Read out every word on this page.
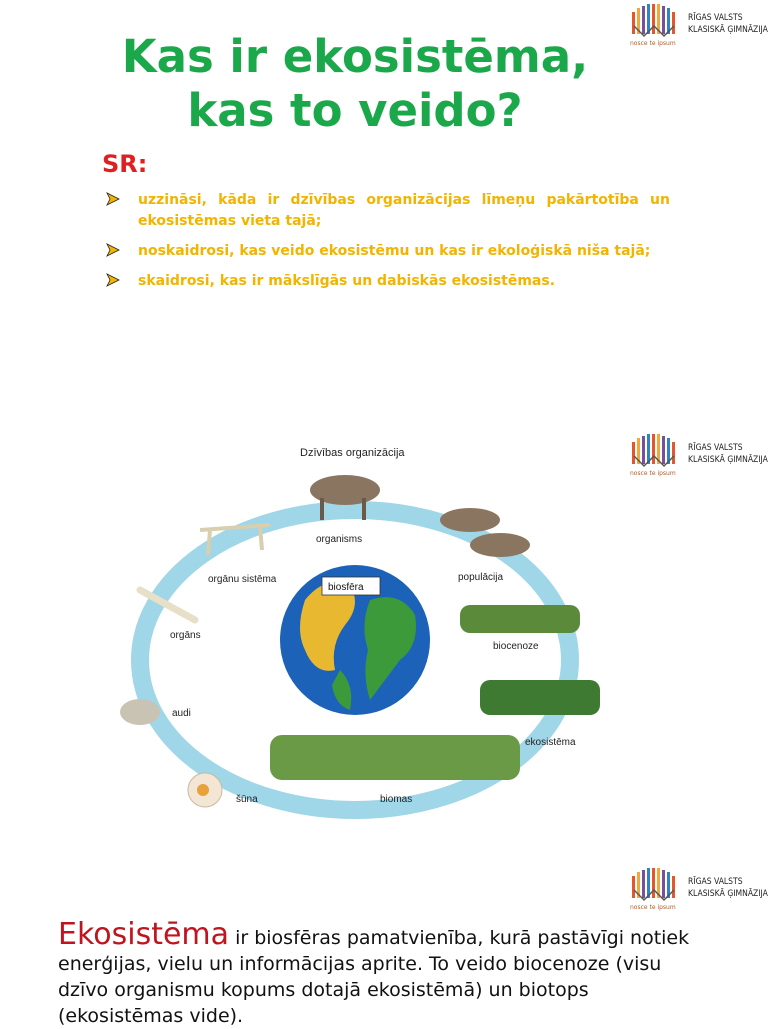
nosce te ipsum
RĪGAS VALSTS
KLASISKĀ ĢIMNĀZIJA
Kas ir ekosistēma,
kas to veido?
SR:
uzzināsi, kāda ir dzīvības organizācijas līmeņu pakārtotība un ekosistēmas vieta tajā;
noskaidrosi, kas veido ekosistēmu un kas ir ekoloģiskā niša tajā;
skaidrosi, kas ir mākslīgās un dabiskās ekosistēmas.
nosce te ipsum
RĪGAS VALSTS
KLASISKĀ ĢIMNĀZIJA
Dzīvības organizācija
biosfēra
organisms
populācija
biocenoze
ekosistēma
biomas
šūna
audi
orgāns
orgānu sistēma
nosce te ipsum
RĪGAS VALSTS
KLASISKĀ ĢIMNĀZIJA
Ekosistēma ir biosfēras pamatvienība, kurā pastāvīgi notiek enerģijas, vielu un informācijas aprite. To veido biocenoze (visu dzīvo organismu kopums dotajā ekosistēmā) un biotops (ekosistēmas vide).
